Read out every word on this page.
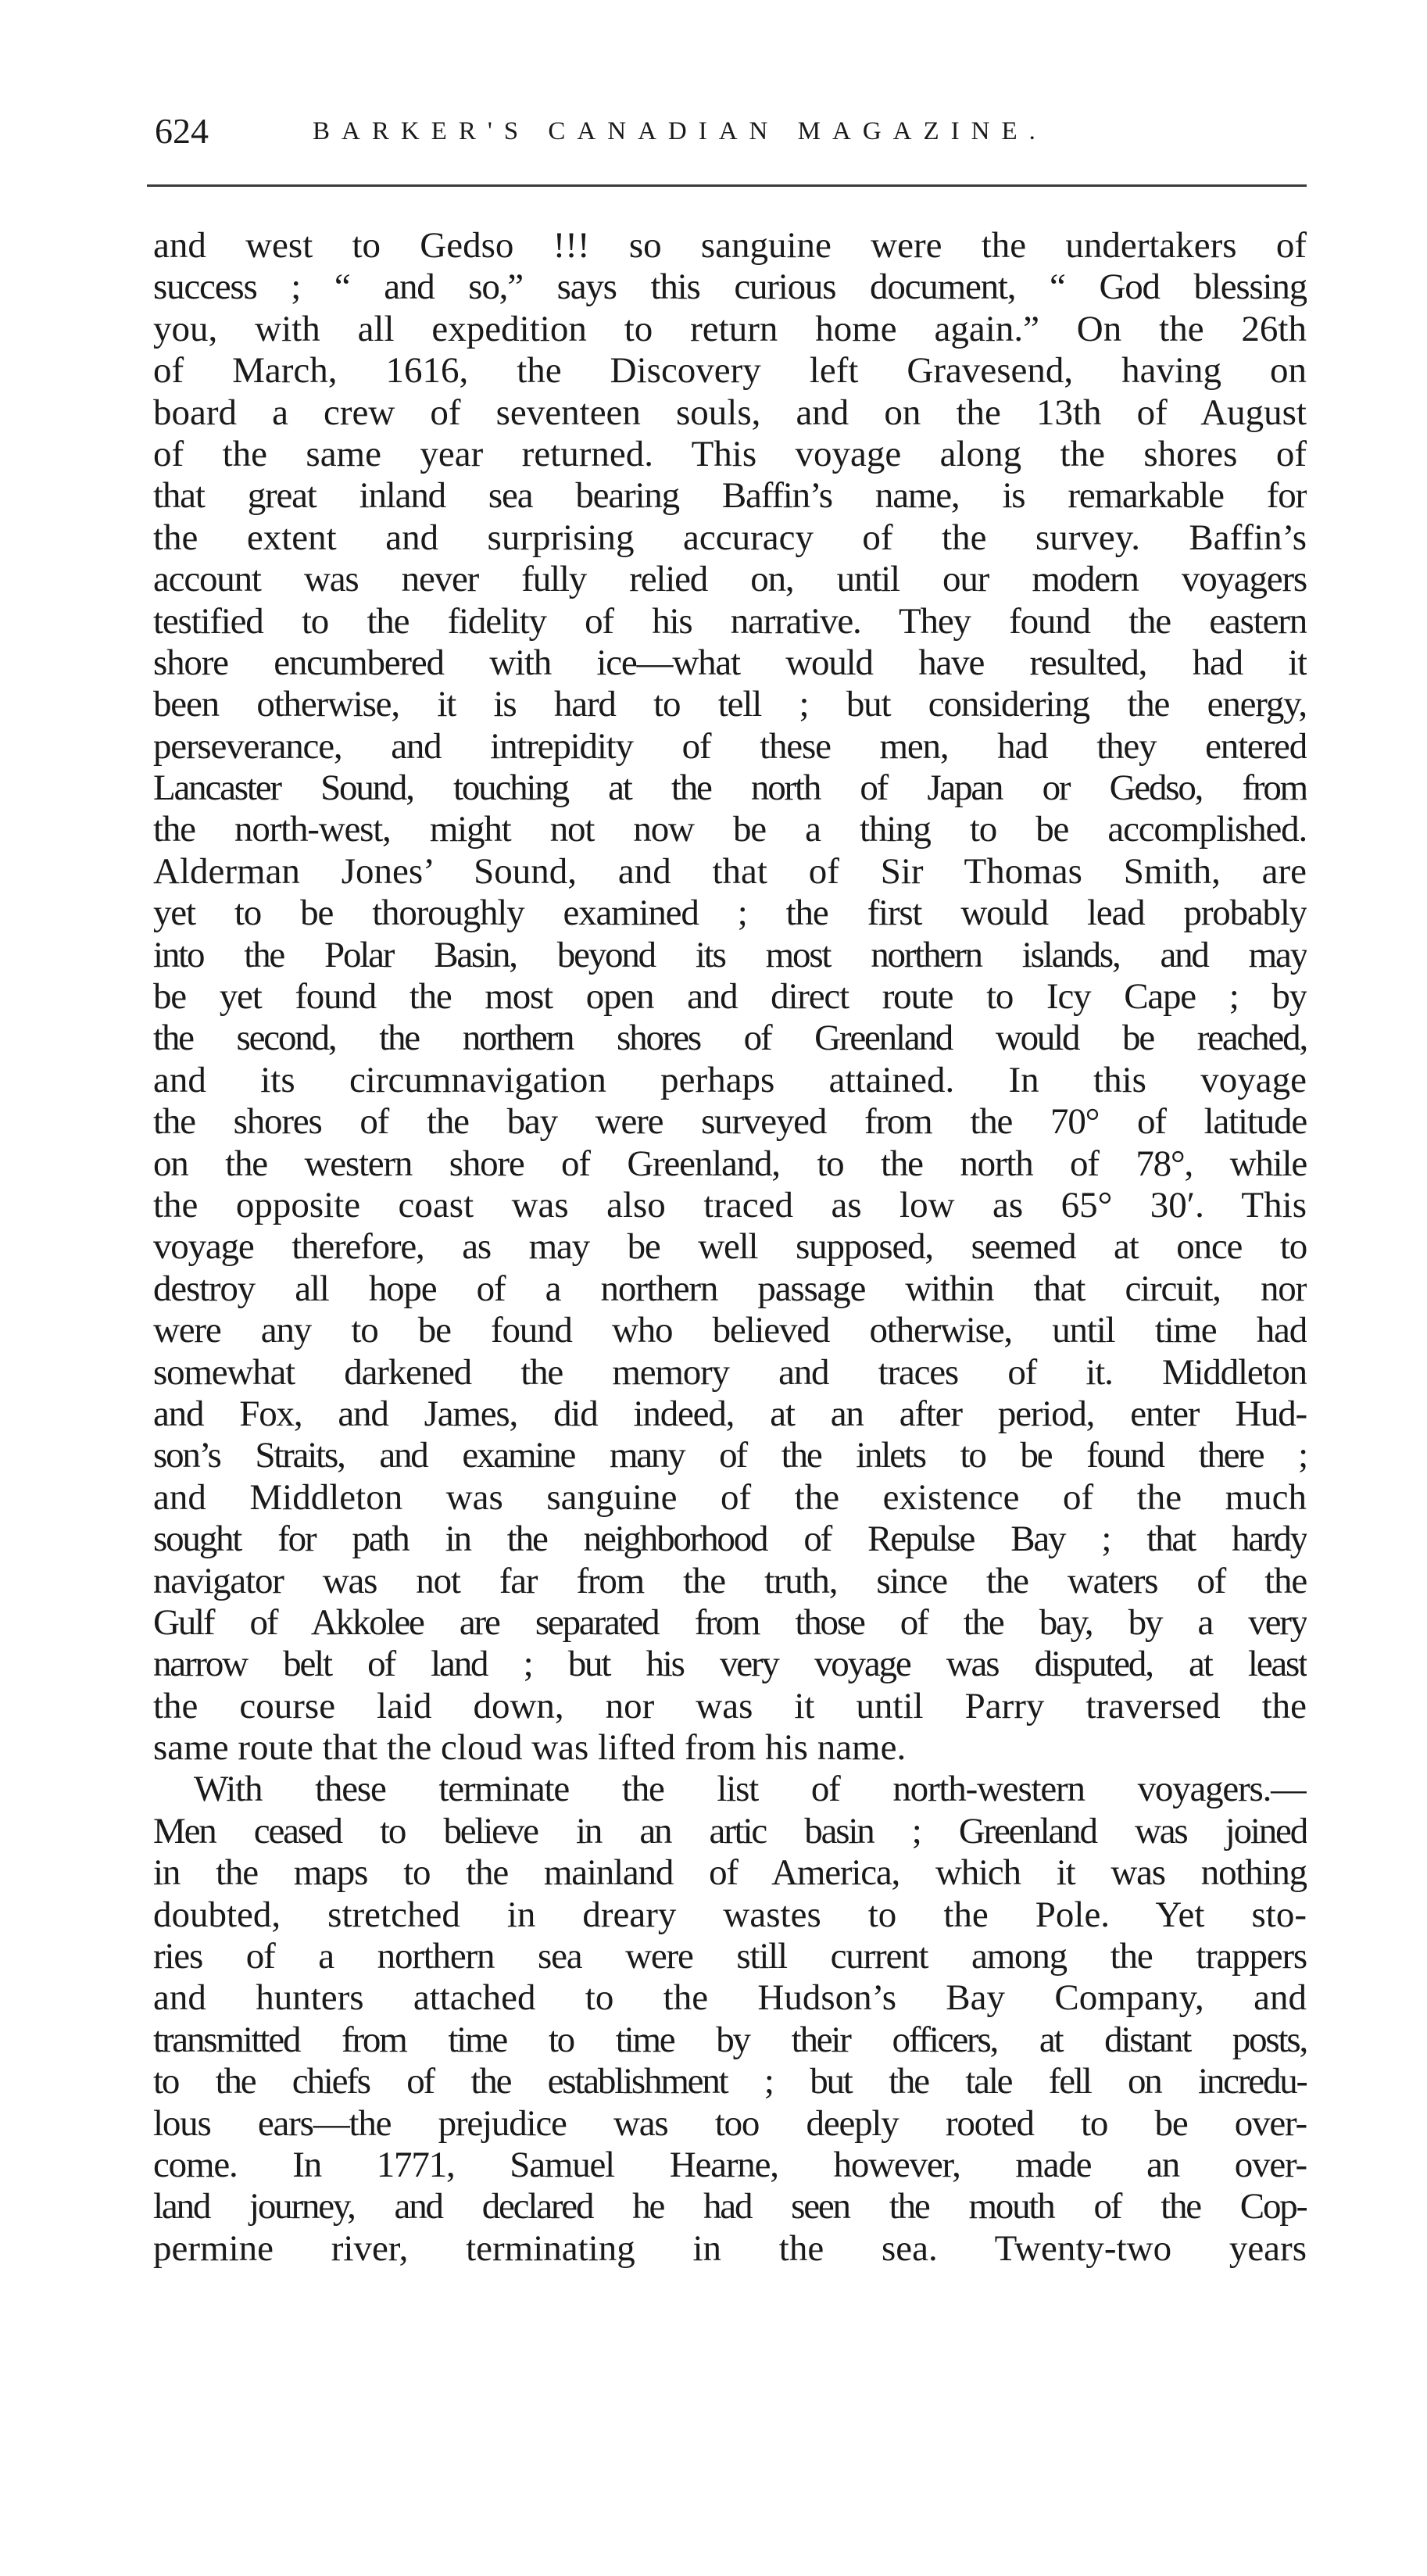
624	BARKER'S CANADIAN MAGAZINE.

and west to Gedso !!! so sanguine were the undertakers of
success ; “ and so,” says this curious document, “ God blessing
you, with all expedition to return home again.” On the 26th
of March, 1616, the Discovery left Gravesend, having on
board a crew of seventeen souls, and on the 13th of August
of the same year returned. This voyage along the shores of
that great inland sea bearing Baffin’s name, is remarkable for
the extent and surprising accuracy of the survey. Baffin’s
account was never fully relied on, until our modern voyagers
testified to the fidelity of his narrative. They found the eastern
shore encumbered with ice—what would have resulted, had it
been otherwise, it is hard to tell ; but considering the energy,
perseverance, and intrepidity of these men, had they entered
Lancaster Sound, touching at the north of Japan or Gedso, from
the north-west, might not now be a thing to be accomplished.
Alderman Jones’ Sound, and that of Sir Thomas Smith, are
yet to be thoroughly examined ; the first would lead probably
into the Polar Basin, beyond its most northern islands, and may
be yet found the most open and direct route to Icy Cape ; by
the second, the northern shores of Greenland would be reached,
and its circumnavigation perhaps attained. In this voyage
the shores of the bay were surveyed from the 70° of latitude
on the western shore of Greenland, to the north of 78°, while
the opposite coast was also traced as low as 65° 30′. This
voyage therefore, as may be well supposed, seemed at once to
destroy all hope of a northern passage within that circuit, nor
were any to be found who believed otherwise, until time had
somewhat darkened the memory and traces of it. Middleton
and Fox, and James, did indeed, at an after period, enter Hud-
son’s Straits, and examine many of the inlets to be found there ;
and Middleton was sanguine of the existence of the much
sought for path in the neighborhood of Repulse Bay ; that hardy
navigator was not far from the truth, since the waters of the
Gulf of Akkolee are separated from those of the bay, by a very
narrow belt of land ; but his very voyage was disputed, at least
the course laid down, nor was it until Parry traversed the
same route that the cloud was lifted from his name.

With these terminate the list of north-western voyagers.—
Men ceased to believe in an artic basin ; Greenland was joined
in the maps to the mainland of America, which it was nothing
doubted, stretched in dreary wastes to the Pole. Yet sto-
ries of a northern sea were still current among the trappers
and hunters attached to the Hudson’s Bay Company, and
transmitted from time to time by their officers, at distant posts,
to the chiefs of the establishment ; but the tale fell on incredu-
lous ears—the prejudice was too deeply rooted to be over-
come. In 1771, Samuel Hearne, however, made an over-
land journey, and declared he had seen the mouth of the Cop-
permine river, terminating in the sea. Twenty-two years
